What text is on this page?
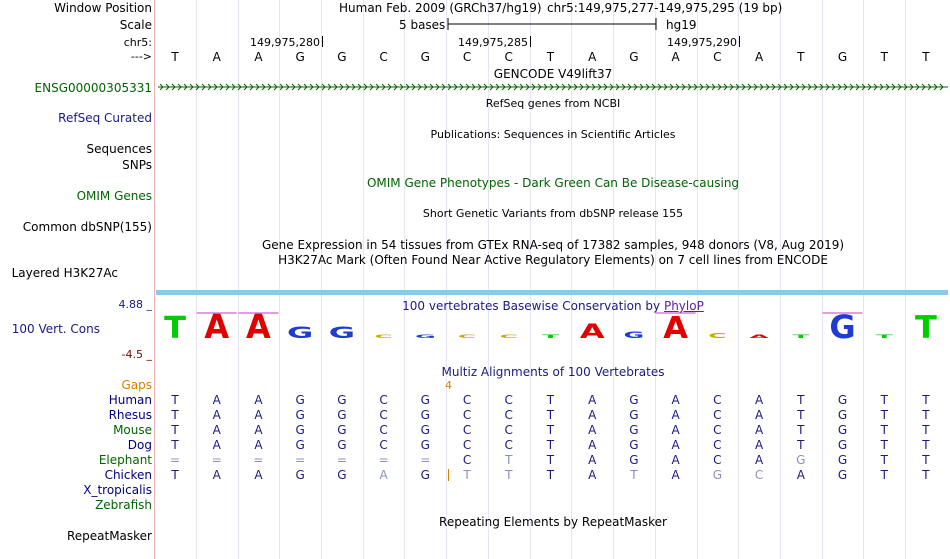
Window Position
Scale
chr5:
--->
ENSG00000305331
RefSeq Curated
Sequences
SNPs
OMIM Genes
Common dbSNP(155)
Layered H3K27Ac
4.88 _
100 Vert. Cons
-4.5 _
Gaps
Human
Rhesus
Mouse
Dog
Elephant
Chicken
X_tropicalis
Zebrafish
RepeatMasker
Human Feb. 2009 (GRCh37/hg19) chr5:149,975,277-149,975,295 (19 bp)
5 bases	hg19
149,975,280	149,975,285	149,975,290
T	A	A	G	G	C	G	C	C	T	A	G	A	C	A	T	G	T	T
GENCODE V49lift37
RefSeq genes from NCBI
Publications: Sequences in Scientific Articles
OMIM Gene Phenotypes - Dark Green Can Be Disease-causing
Short Genetic Variants from dbSNP release 155
Gene Expression in 54 tissues from GTEx RNA-seq of 17382 samples, 948 donors (V8, Aug 2019)
H3K27Ac Mark (Often Found Near Active Regulatory Elements) on 7 cell lines from ENCODE
100 vertebrates Basewise Conservation by PhyloP
T A A G G C G C C T A G A C A T G T T
Multiz Alignments of 100 Vertebrates
4
T	A	A	G	G	C	G	C	C	T	A	G	A	C	A	T	G	T	T
T	A	A	G	G	C	G	C	C	T	A	G	A	C	A	T	G	T	T
T	A	A	G	G	C	G	C	C	T	A	G	A	C	A	T	G	T	T
T	A	A	G	G	C	G	C	C	T	A	G	A	C	A	T	G	T	T
=	=	=	=	=	=	=	C	T	T	A	G	A	C	A	G	G	T	T
T	A	A	G	G	A	G	T	T	T	A	T	A	G	C	A	G	T	T
Repeating Elements by RepeatMasker
